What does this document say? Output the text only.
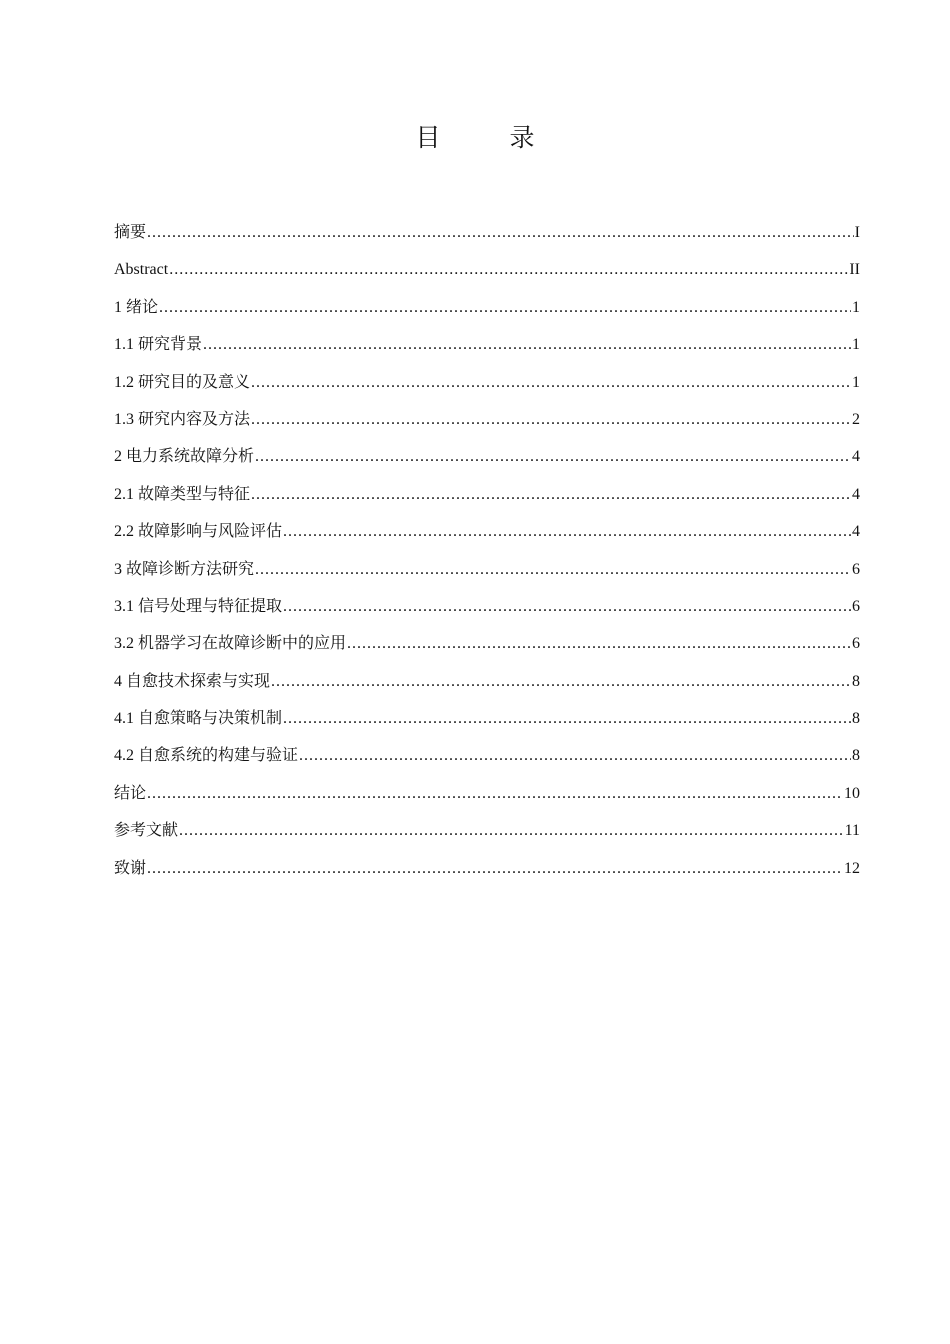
目　录
摘要 .....	I
Abstract .....	II
1 绪论 .....	1
1.1 研究背景 .....	1
1.2 研究目的及意义 .....	1
1.3 研究内容及方法 .....	2
2 电力系统故障分析 .....	4
2.1 故障类型与特征 .....	4
2.2 故障影响与风险评估 .....	4
3 故障诊断方法研究 .....	6
3.1 信号处理与特征提取 .....	6
3.2 机器学习在故障诊断中的应用 .....	6
4 自愈技术探索与实现 .....	8
4.1 自愈策略与决策机制 .....	8
4.2 自愈系统的构建与验证 .....	8
结论 .....	10
参考文献 .....	11
致谢 .....	12
